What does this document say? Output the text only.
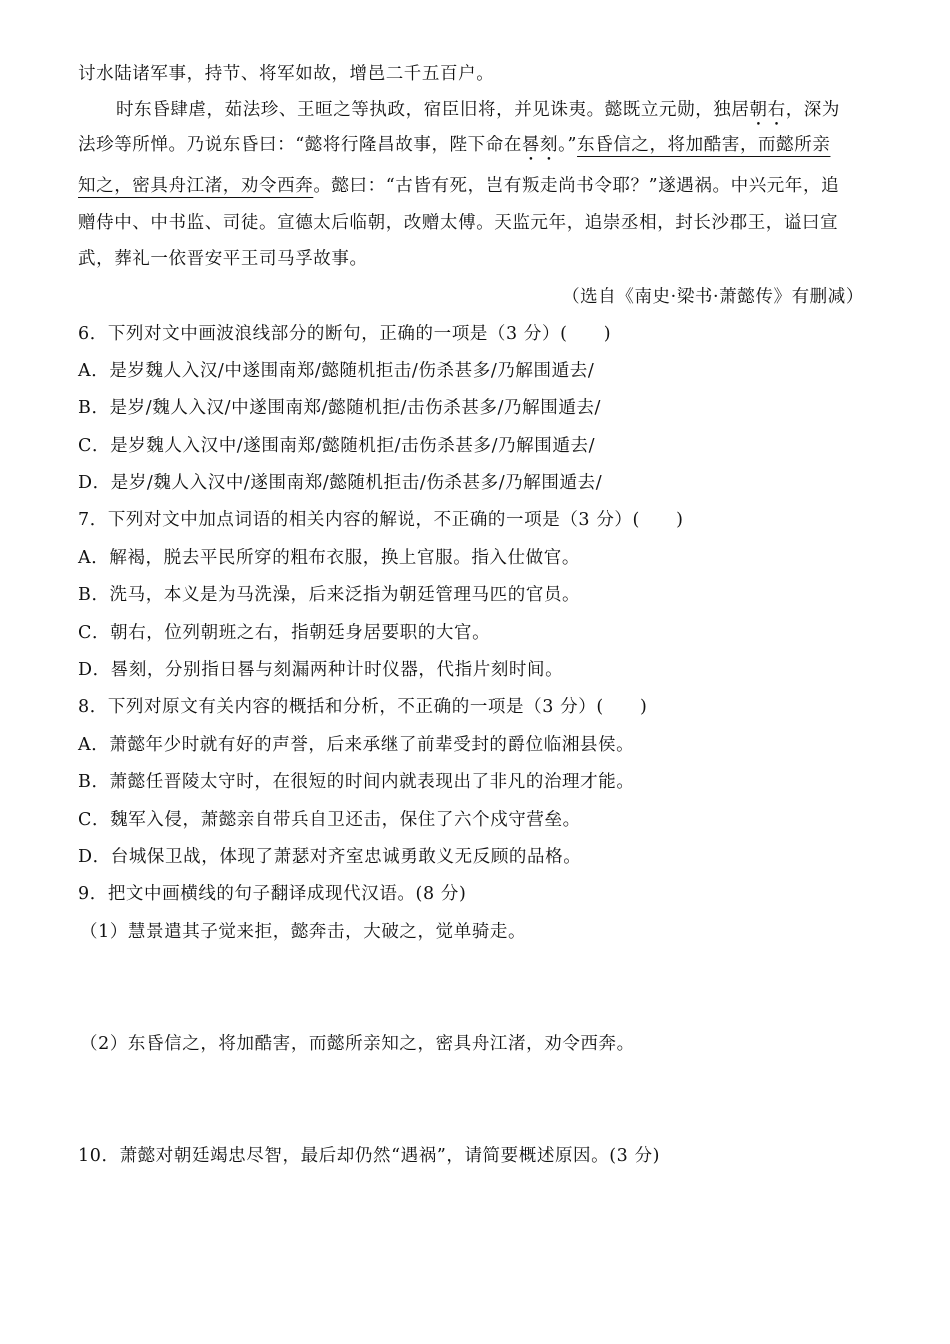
讨水陆诸军事，持节、将军如故，增邑二千五百户。
时东昏肆虐，茹法珍、王晅之等执政，宿臣旧将，并见诛夷。懿既立元勋，独居朝右，深为
法珍等所惮。乃说东昏曰：“懿将行隆昌故事，陛下命在晷刻。”东昏信之，将加酷害，而懿所亲
知之，密具舟江渚，劝令西奔。懿曰：“古皆有死，岂有叛走尚书令耶？”遂遇祸。中兴元年，追
赠侍中、中书监、司徒。宣德太后临朝，改赠太傅。天监元年，追崇丞相，封长沙郡王，谥曰宣
武，葬礼一依晋安平王司马孚故事。
（选自《南史·梁书·萧懿传》有删减）
6．下列对文中画波浪线部分的断句，正确的一项是（3 分）(　　)
A．是岁魏人入汉/中遂围南郑/懿随机拒击/伤杀甚多/乃解围遁去/
B．是岁/魏人入汉/中遂围南郑/懿随机拒/击伤杀甚多/乃解围遁去/
C．是岁魏人入汉中/遂围南郑/懿随机拒/击伤杀甚多/乃解围遁去/
D．是岁/魏人入汉中/遂围南郑/懿随机拒击/伤杀甚多/乃解围遁去/
7．下列对文中加点词语的相关内容的解说，不正确的一项是（3 分）(　　)
A．解褐，脱去平民所穿的粗布衣服，换上官服。指入仕做官。
B．洗马，本义是为马洗澡，后来泛指为朝廷管理马匹的官员。
C．朝右，位列朝班之右，指朝廷身居要职的大官。
D．晷刻，分别指日晷与刻漏两种计时仪器，代指片刻时间。
8．下列对原文有关内容的概括和分析，不正确的一项是（3 分）(　　)
A．萧懿年少时就有好的声誉，后来承继了前辈受封的爵位临湘县侯。
B．萧懿任晋陵太守时，在很短的时间内就表现出了非凡的治理才能。
C．魏军入侵，萧懿亲自带兵自卫还击，保住了六个戍守营垒。
D．台城保卫战，体现了萧瑟对齐室忠诚勇敢义无反顾的品格。
9．把文中画横线的句子翻译成现代汉语。(8 分)
（1）慧景遣其子觉来拒，懿奔击，大破之，觉单骑走。
（2）东昏信之，将加酷害，而懿所亲知之，密具舟江渚，劝令西奔。
10．萧懿对朝廷竭忠尽智，最后却仍然“遇祸”，请简要概述原因。(3 分)
